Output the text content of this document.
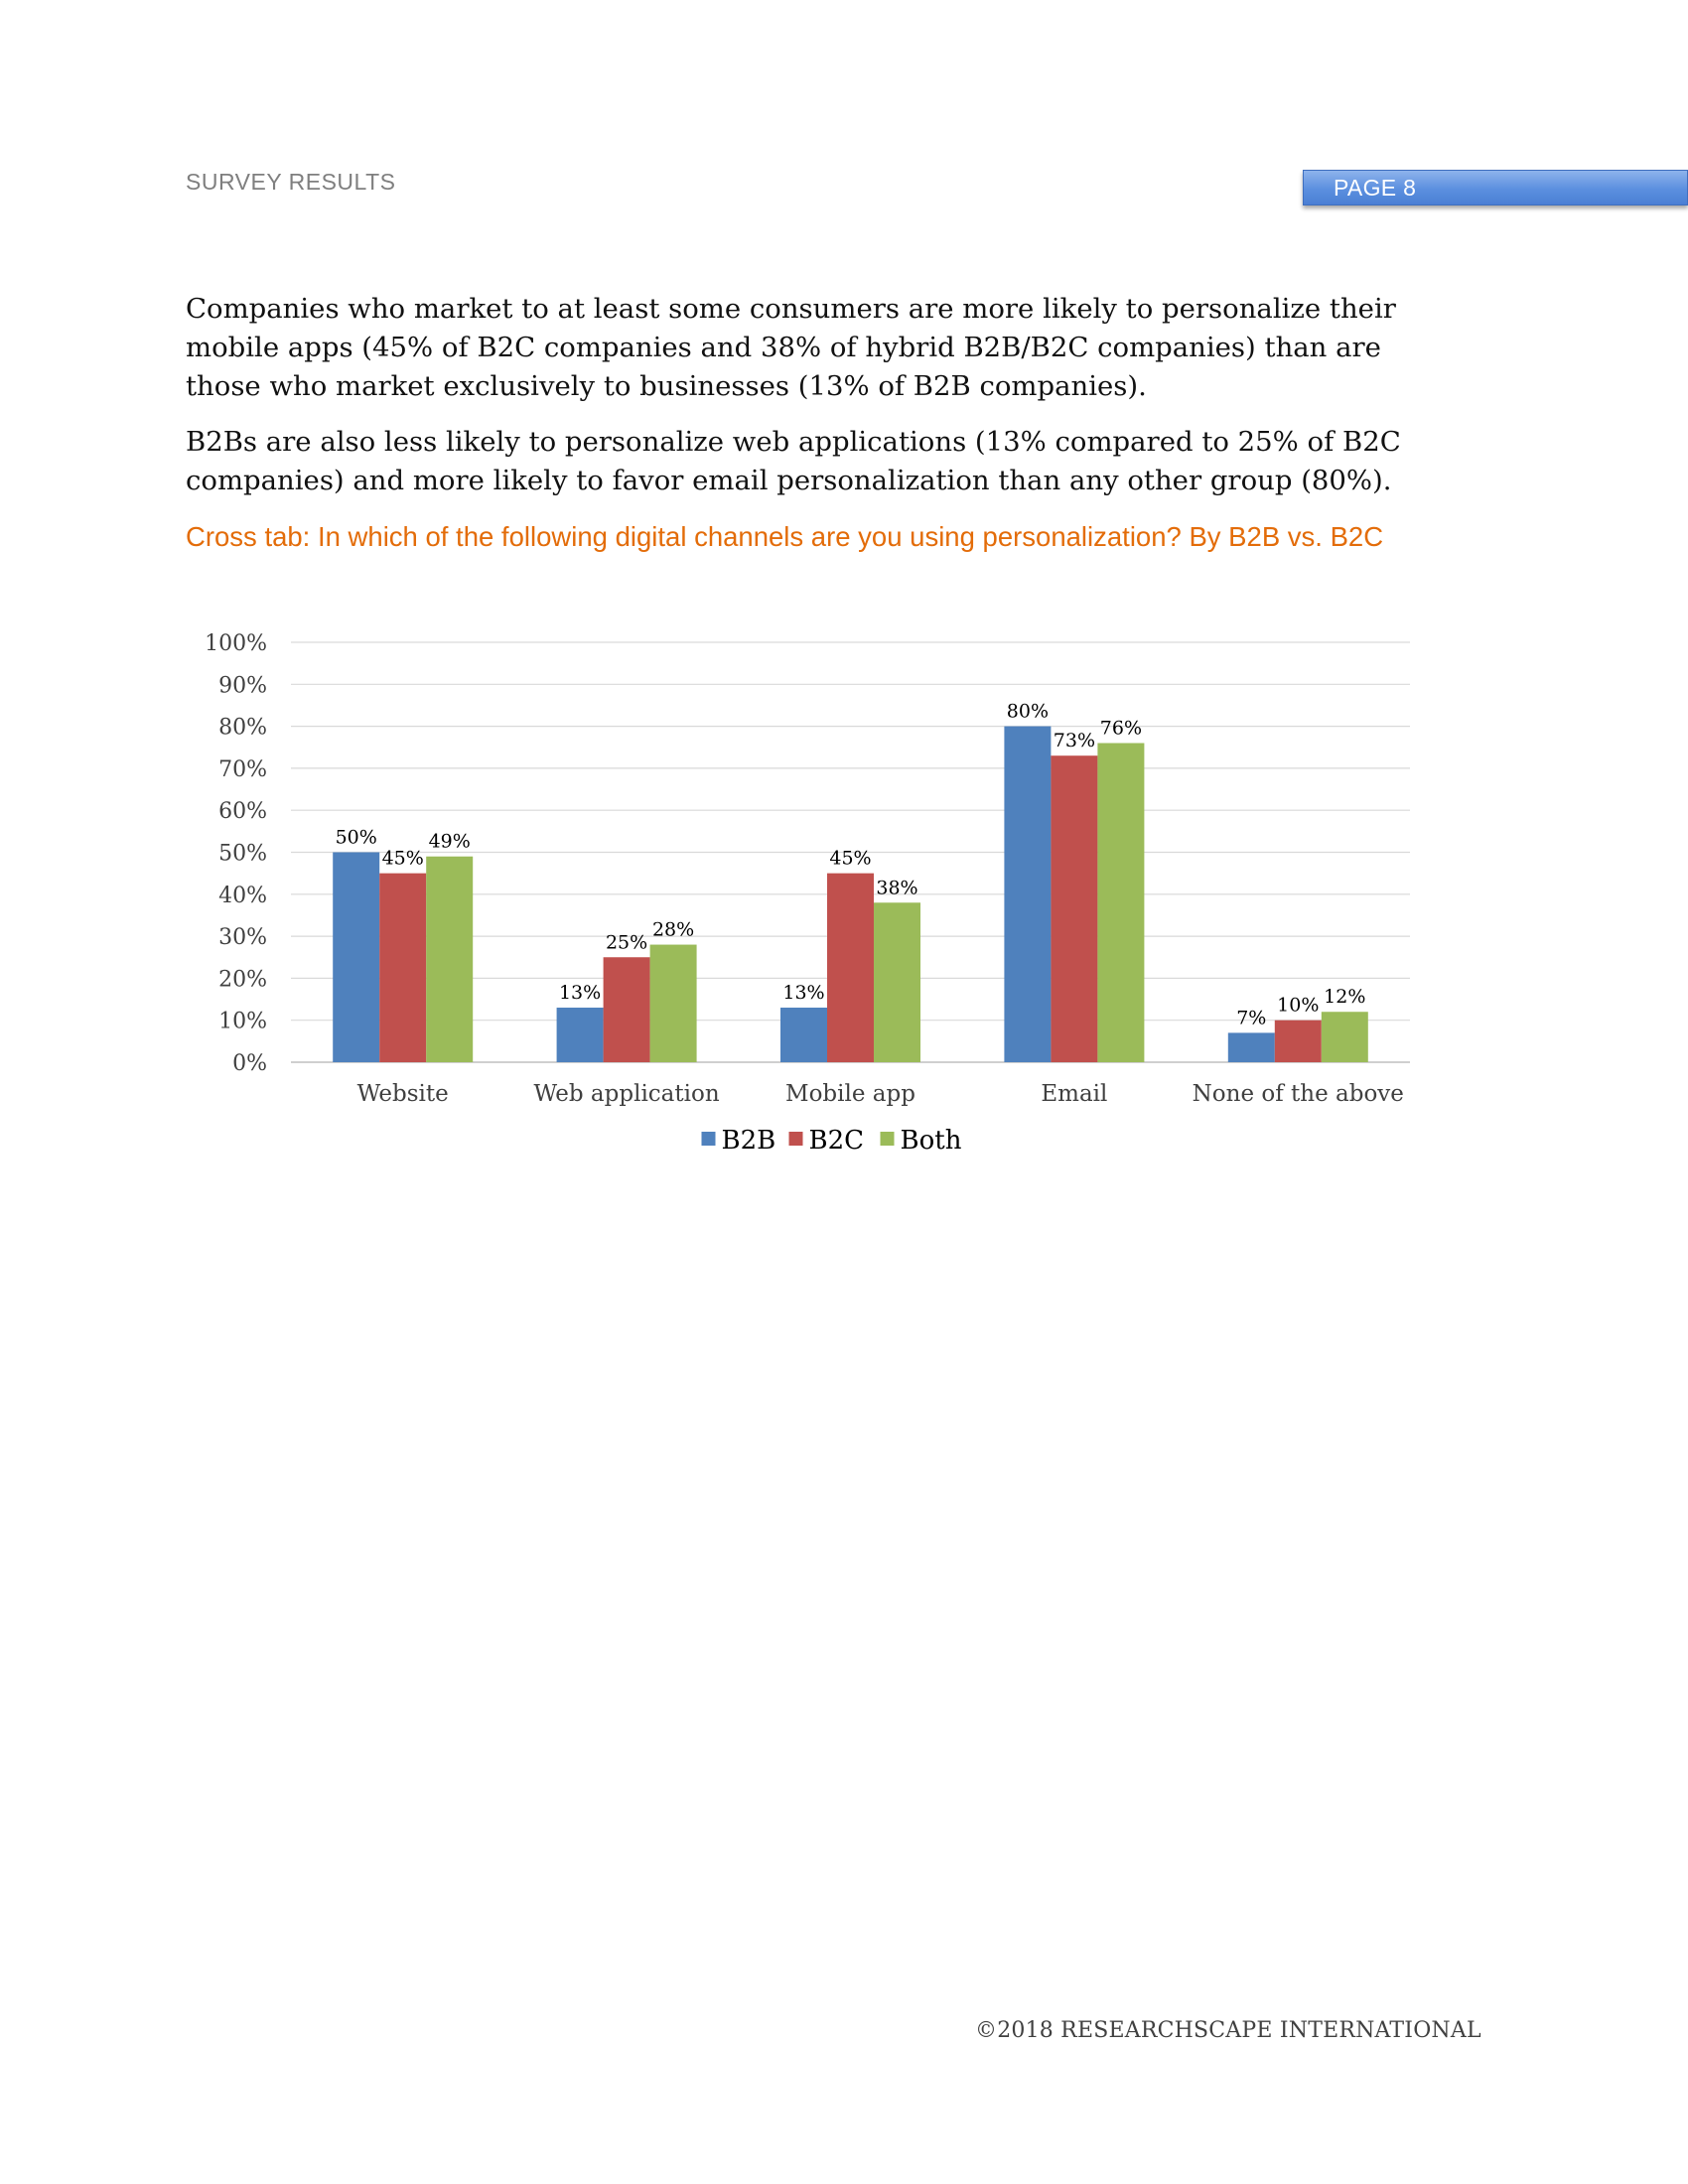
SURVEY RESULTS	PAGE 8

Companies who market to at least some consumers are more likely to personalize their mobile apps (45% of B2C companies and 38% of hybrid B2B/B2C companies) than are those who market exclusively to businesses (13% of B2B companies).

B2Bs are also less likely to personalize web applications (13% compared to 25% of B2C companies) and more likely to favor email personalization than any other group (80%).

Cross tab: In which of the following digital channels are you using personalization? By B2B vs. B2C

0%
10%
20%
30%
40%
50%
60%
70%
80%
90%
100%
50%
45%
49%
Website
13%
25%
28%
Web application
13%
45%
38%
Mobile app
80%
73%
76%
Email
7%
10% 12%
None of the above
B2B B2C Both
©2018 RESEARCHSCAPE INTERNATIONAL
